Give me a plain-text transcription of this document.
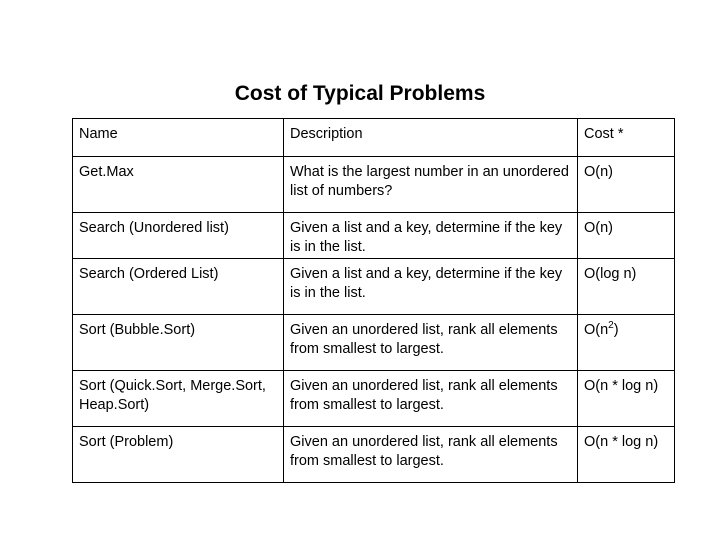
Cost of Typical Problems
Name	Description	Cost *
Get.Max	What is the largest number in an unordered list of numbers?	O(n)
Search (Unordered list)	Given a list and a key, determine if the key is in the list.	O(n)
Search (Ordered List)	Given a list and a key, determine if the key is in the list.	O(log n)
Sort (Bubble.Sort)	Given an unordered list, rank all elements from smallest to largest.	$O(n^2)$
Sort (Quick.Sort, Merge.Sort, Heap.Sort)	Given an unordered list, rank all elements from smallest to largest.	O(n * log n)
Sort (Problem)	Given an unordered list, rank all elements from smallest to largest.	O(n * log n)
